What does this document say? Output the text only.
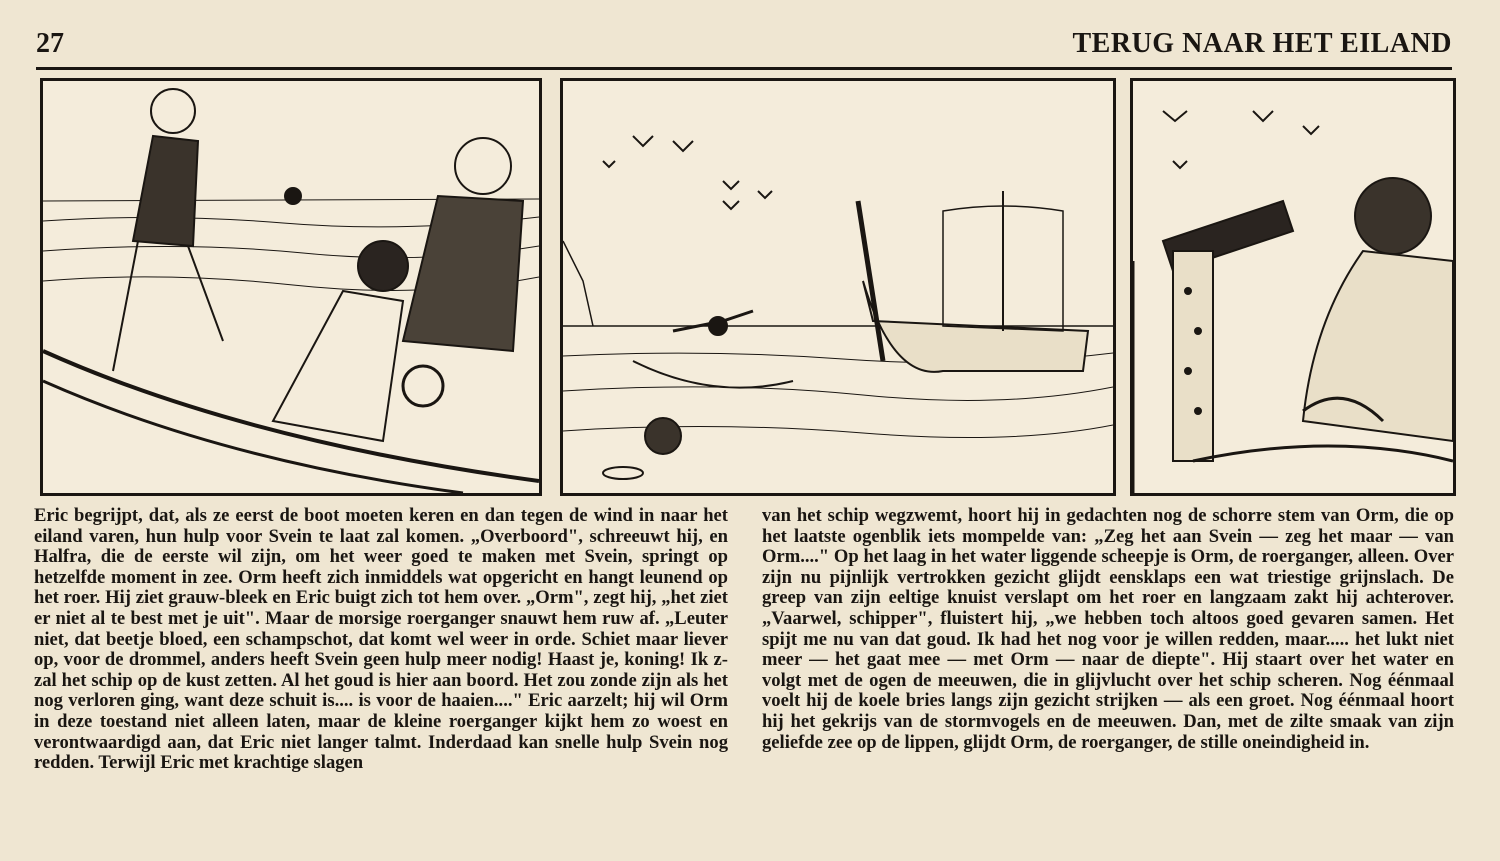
27	TERUG NAAR HET EILAND
Eric begrijpt, dat, als ze eerst de boot moeten keren en dan tegen de wind in naar het eiland varen, hun hulp voor Svein te laat zal komen. „Overboord", schreeuwt hij, en Halfra, die de eerste wil zijn, om het weer goed te maken met Svein, springt op hetzelfde moment in zee. Orm heeft zich inmiddels wat opgericht en hangt leunend op het roer. Hij ziet grauw-bleek en Eric buigt zich tot hem over. „Orm", zegt hij, „het ziet er niet al te best met je uit". Maar de morsige roerganger snauwt hem ruw af. „Leuter niet, dat beetje bloed, een schampschot, dat komt wel weer in orde. Schiet maar liever op, voor de drommel, anders heeft Svein geen hulp meer nodig! Haast je, koning! Ik z-zal het schip op de kust zetten. Al het goud is hier aan boord. Het zou zonde zijn als het nog verloren ging, want deze schuit is.... is voor de haaien...." Eric aarzelt; hij wil Orm in deze toestand niet alleen laten, maar de kleine roerganger kijkt hem zo woest en verontwaardigd aan, dat Eric niet langer talmt. Inderdaad kan snelle hulp Svein nog redden. Terwijl Eric met krachtige slagen
van het schip wegzwemt, hoort hij in gedachten nog de schorre stem van Orm, die op het laatste ogenblik iets mompelde van: „Zeg het aan Svein — zeg het maar — van Orm...." Op het laag in het water liggende scheepje is Orm, de roerganger, alleen. Over zijn nu pijnlijk vertrokken gezicht glijdt eensklaps een wat triestige grijnslach. De greep van zijn eeltige knuist verslapt om het roer en langzaam zakt hij achterover. „Vaarwel, schipper", fluistert hij, „we hebben toch altoos goed gevaren samen. Het spijt me nu van dat goud. Ik had het nog voor je willen redden, maar..... het lukt niet meer — het gaat mee — met Orm — naar de diepte". Hij staart over het water en volgt met de ogen de meeuwen, die in glijvlucht over het schip scheren. Nog éénmaal voelt hij de koele bries langs zijn gezicht strijken — als een groet. Nog éénmaal hoort hij het gekrijs van de stormvogels en de meeuwen. Dan, met de zilte smaak van zijn geliefde zee op de lippen, glijdt Orm, de roerganger, de stille oneindigheid in.
